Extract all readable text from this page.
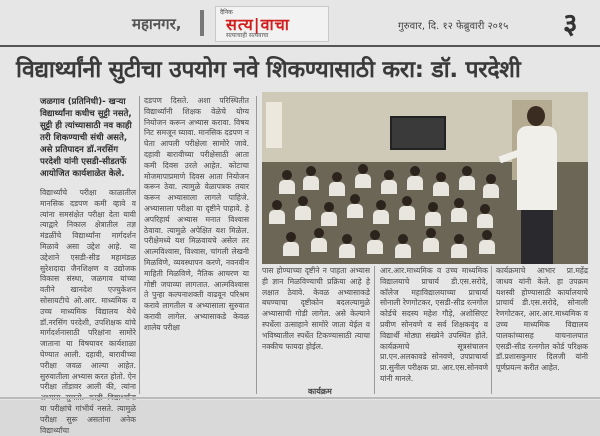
महानगर,
दैनिक
सत्य|वाचा
सत्याचाही सत्यवाचा
गुरुवार, दि. १२ फेब्रुवारी २०१५ ३
विद्यार्थ्यांनी सुटीचा उपयोग नवे शिकण्यासाठी करा: डॉ. परदेशी
जळगाव (प्रतिनिधी)- खऱ्या विद्यार्थ्यांना कधीच सुट्टी नसते, सुट्टी ही त्यांच्यासाठी नव काही तरी शिकण्याची संधी असते, असे प्रतिपादन डॉ.नरसिंग परदेशी यांनी एसडी-सीडतर्फे आयोजित कार्यशाळेत केले.
विद्यार्थ्यांचे परीक्षा काळातील मानसिक दडपण कमी व्हावे व त्यांना समसंक्षेत परीक्षा देता यावी त्याद्वारे निकाल क्षेत्रातील तज्ञ मंडळींचे विद्यार्थ्यांना मार्गदर्शन मिळावे असा उद्देश आहे. या उद्देशाने एसडी-सीड महामंडळ सुरेशदादा जैनशिक्षण व उद्योजक विकास संस्था, जळगाव यांच्या वतीने खानदेश एज्युकेशन सोसायटीचे ओ.आर. माध्यमिक व उच्च माध्यमिक विद्यालय येथे डॉ.नरसिंग परदेशी, उपशिक्षक यांचे मार्गदर्शनासाठी परिक्षांना सामोरे जाताना या विषयावर कार्यशाळा घेण्यात आली. दहावी, बारावीच्या परीक्षा जवळ आल्या आहेत. सुरुवातीला अभ्यास करत होतो. ऐन परीक्षा तोंडावर आली की, त्यांना या परीक्षांचे गांभीर्य नसते. त्यामुळे परीक्षा सुरू असतांना अनेक विद्यार्थ्यांचा
दडपण दिसते. अशा परिस्थितीत विद्यार्थ्यांनी शिक्षक वेळेचे योग्य नियोजन करून अभ्यास करावा. विषय निट समजून घ्यावा. मानसिक दडपण न घेता आपली परीक्षेला सामोरे जावे. दहावी बारावीच्या परीक्षेसाठी आता कमी दिवस उरले आहेत. कोटाचा मोजमापाप्रमाणे दिवस आता नियोजन करून ठेवा. त्यामुळे वेळापत्रक तयार करून अभ्यासाला लागले पाहिजे. अभ्यासाला परीक्षा या दृष्टीने पाहावे. हे अपरिहार्य अभ्यास मनात विश्वास ठेवावा. त्यामुळे अपेक्षित यश मिळेल. परीक्षेमध्ये यश मिळवायचे असेल तर आत्मविश्वास, विश्वास, चांगली लेखनी मिळविणे, व्यवस्थापन करणे, नवनवीन माहिती मिळविणे, नैतिक आचरण या गोष्टी जपाव्या लागतात. आत्मविश्वास ते पुन्हा कल्पनाशक्ती वाढवून परिश्रम करावे लागतील व अभ्यासाला सुरुवात करावी लागेल. अभ्यासाकडे केवळ शालेय परीक्षा
पास होण्याच्या दृष्टीने न पाहता अभ्यास ही ज्ञान मिळविण्याची प्रक्रिया आहे हे लक्षात ठेवावे. केवळ अभ्यासाकडे बघण्याचा दृष्टीकोन बदलल्यामुळे अभ्यासाची गोडी लागेल. असे केल्याने स्पर्धेला उत्साहाने सामोरे जाता येईल व भविष्यातील स्पर्धेत टिकण्यासाठी त्याचा नक्कीच फायदा होईल.
आर.आर.माध्यमिक व उच्च माध्यमिक विद्यालयाचे प्राचार्य डी.एस.सरोदे, कॉलेज महाविद्यालयाच्या प्राचार्या सोनाली रेणगोटकर, एसडी-सीड रत्नगोल कोर्डचे सदस्य महेश गौड़े, अशोसिएट प्रवीण सोनवणे व सर्व शिक्षकवृंद व विद्यार्थी मोठ्या संख्येने उपस्थित होते. कार्यक्रमाचे सूत्रसंचालन प्रा.एन.अलकावडे सोनवणे, उपप्राचार्या प्रा.सुनील परीक्षक प्रा. आर.एस.सोनवणे यांनी मानले.
कार्यक्रमाचे आभार प्रा.महेंद्र जाधव यांनी केले. हा उपक्रम यशस्वी होण्यासाठी कार्यालयाचे प्राचार्य डी.एस.सरोदे, सोनाली रेणगोटकर, आर.आर.माध्यमिक व उच्च माध्यमिक विद्यालय पालकांच्यासह वाचनालयात एसडी-सीड रत्नगोल कोर्ड परिक्षक डॉ.प्रशासकुमार दिलजी यांनी पूर्णप्रयत्न करीत आहेत.
कार्यक्रम
